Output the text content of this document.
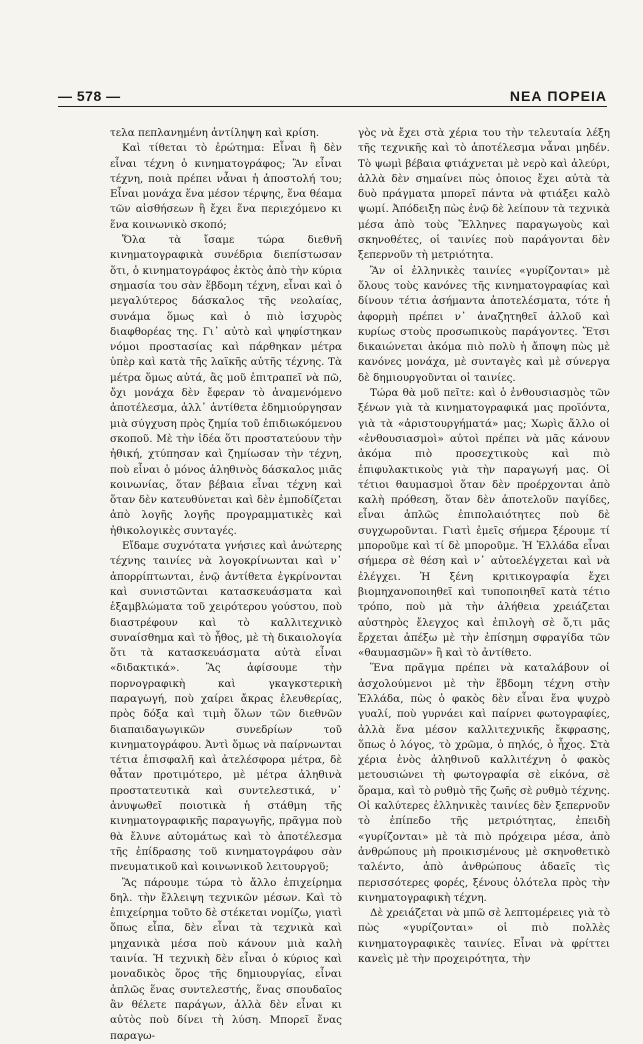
— 578 —	ΝΕΑ ΠΟΡΕΙΑ

τελα πεπλανημένη ἀντίληψη καὶ κρίση.

Καὶ τίθεται τὸ ἐρώτημα: Εἶναι ἢ δὲν εἶναι τέχνη ὁ κινηματογράφος; Ἂν εἶναι τέχνη, ποιὰ πρέπει νἆναι ἡ ἀποστολή του; Εἶναι μονάχα ἕνα μέσον τέρψης, ἕνα θέαμα τῶν αἰσθήσεων ἢ ἔχει ἕνα περιεχόμενο κι ἕνα κοινωνικὸ σκοπό;

Ὅλα τὰ ἴσαμε τώρα διεθνῆ κινηματογραφικὰ συνέδρια διεπίστωσαν ὅτι, ὁ κινηματογράφος ἐκτὸς ἀπὸ τὴν κύρια σημασία του σὰν ἕβδομη τέχνη, εἶναι καὶ ὁ μεγαλύτερος δάσκαλος τῆς νεολαίας, συνάμα ὅμως καὶ ὁ πιὸ ἰσχυρὸς διαφθορέας της. Γι᾿ αὐτὸ καὶ ψηφίστηκαν νόμοι προστασίας καὶ πάρθηκαν μέτρα ὑπὲρ καὶ κατὰ τῆς λαϊκῆς αὐτῆς τέχνης. Τὰ μέτρα ὅμως αὐτά, ἂς μοῦ ἐπιτραπεῖ νὰ πῶ, ὄχι μονάχα δὲν ἔφεραν τὸ ἀναμενόμενο ἀποτέλεσμα, ἀλλ᾿ ἀντίθετα ἐδημιούργησαν μιὰ σύγχυση πρὸς ζημία τοῦ ἐπιδιωκόμενου σκοποῦ. Μὲ τὴν ἰδέα ὅτι προστατεύουν τὴν ἠθική, χτύπησαν καὶ ζημίωσαν τὴν τέχνη, ποὺ εἶναι ὁ μόνος ἀληθινὸς δάσκαλος μιᾶς κοινωνίας, ὅταν βέβαια εἶναι τέχνη καὶ ὅταν δὲν κατευθύνεται καὶ δὲν ἐμποδίζεται ἀπὸ λογῆς λογῆς προγραμματικὲς καὶ ἠθικολογικὲς συνταγές.

Εἴδαμε συχνότατα γνήσιες καὶ ἀνώτερης τέχνης ταινίες νὰ λογοκρίνωνται καὶ ν᾿ ἀπορρίπτωνται, ἐνῷ ἀντίθετα ἐγκρίνονται καὶ συνιστῶνται κατασκευάσματα καὶ ἐξαμβλώματα τοῦ χειρότερου γούστου, ποὺ διαστρέφουν καὶ τὸ καλλιτεχνικὸ συναίσθημα καὶ τὸ ἦθος, μὲ τὴ δικαιολογία ὅτι τὰ κατασκευάσματα αὐτὰ εἶναι «διδακτικά». Ἂς ἀφίσουμε τὴν πορνογραφικὴ καὶ γκαγκστερικὴ παραγωγή, ποὺ χαίρει ἄκρας ἐλευθερίας, πρὸς δόξα καὶ τιμὴ ὅλων τῶν διεθνῶν διαπαιδαγωγικῶν συνεδρίων τοῦ κινηματογράφου. Ἀντὶ ὅμως νὰ παίρνωνται τέτια ἐπισφαλῆ καὶ ἀτελέσφορα μέτρα, δὲ θἆταν προτιμότερο, μὲ μέτρα ἀληθινὰ προστατευτικὰ καὶ συντελεστικά, ν᾿ ἀνυψωθεῖ ποιοτικὰ ἡ στάθμη τῆς κινηματογραφικῆς παραγωγῆς, πρᾶγμα ποὺ θὰ ἔλυνε αὐτομάτως καὶ τὸ ἀποτέλεσμα τῆς ἐπίδρασης τοῦ κινηματογράφου σὰν πνευματικοῦ καὶ κοινωνικοῦ λειτουργοῦ;

Ἂς πάρουμε τώρα τὸ ἄλλο ἐπιχείρημα δηλ. τὴν ἔλλειψη τεχνικῶν μέσων. Καὶ τὸ ἐπιχείρημα τοῦτο δὲ στέκεται νομίζω, γιατὶ ὅπως εἶπα, δὲν εἶναι τὰ τεχνικὰ καὶ μηχανικὰ μέσα ποὺ κάνουν μιὰ καλὴ ταινία. Ἡ τεχνικὴ δὲν εἶναι ὁ κύριος καὶ μοναδικὸς ὅρος τῆς δημιουργίας, εἶναι ἁπλῶς ἕνας συντελεστής, ἕνας σπουδαῖος ἂν θέλετε παράγων, ἀλλὰ δὲν εἶναι κι αὐτὸς ποὺ δίνει τὴ λύση. Μπορεῖ ἕνας παραγω-

γὸς νὰ ἔχει στὰ χέρια του τὴν τελευταία λέξη τῆς τεχνικῆς καὶ τὸ ἀποτέλεσμα νἆναι μηδέν. Τὸ ψωμὶ βέβαια φτιάχνεται μὲ νερὸ καὶ ἀλεύρι, ἀλλὰ δὲν σημαίνει πὼς ὁποιος ἔχει αὐτὰ τὰ δυὸ πράγματα μπορεῖ πάντα νὰ φτιάξει καλὸ ψωμί. Ἀπόδειξη πὼς ἐνῷ δὲ λείπουν τὰ τεχνικὰ μέσα ἀπὸ τοὺς Ἕλληνες παραγωγοὺς καὶ σκηνοθέτες, οἱ ταινίες ποὺ παράγονται δὲν ξεπερνοῦν τὴ μετριότητα.

Ἂν οἱ ἑλληνικὲς ταινίες «γυρίζονται» μὲ ὅλους τοὺς κανόνες τῆς κινηματογραφίας καὶ δίνουν τέτια ἀσήμαντα ἀποτελέσματα, τότε ἡ ἀφορμὴ πρέπει ν᾿ ἀναζητηθεῖ ἀλλοῦ καὶ κυρίως στοὺς προσωπικοὺς παράγοντες. Ἔτσι δικαιώνεται ἀκόμα πιὸ πολὺ ἡ ἄποψη πὼς μὲ κανόνες μονάχα, μὲ συνταγὲς καὶ μὲ σύνεργα δὲ δημιουργοῦνται οἱ ταινίες.

Τώρα θὰ μοῦ πεῖτε: καὶ ὁ ἐνθουσιασμὸς τῶν ξένων γιὰ τὰ κινηματογραφικά μας προϊόντα, γιὰ τὰ «ἀριστουργήματά» μας; Χωρὶς ἄλλο οἱ «ἐνθουσιασμοὶ» αὐτοὶ πρέπει νὰ μᾶς κάνουν ἀκόμα πιὸ προσεχτικοὺς καὶ πιὸ ἐπιφυλακτικοὺς γιὰ τὴν παραγωγή μας. Οἱ τέτιοι θαυμασμοὶ ὅταν δὲν προέρχονται ἀπὸ καλὴ πρόθεση, ὅταν δὲν ἀποτελοῦν παγίδες, εἶναι ἁπλῶς ἐπιπολαιότητες ποὺ δὲ συγχωροῦνται. Γιατὶ ἐμεῖς σήμερα ξέρουμε τί μποροῦμε καὶ τί δὲ μποροῦμε. Ἡ Ἑλλάδα εἶναι σήμερα σὲ θέση καὶ ν᾿ αὐτοελέγχεται καὶ νὰ ἐλέγχει. Ἡ ξένη κριτικογραφία ἔχει βιομηχανοποιηθεῖ καὶ τυποποιηθεῖ κατὰ τέτιο τρόπο, ποὺ μὰ τὴν ἀλήθεια χρειάζεται αὐστηρὸς ἔλεγχος καὶ ἐπιλογὴ σὲ ὅ,τι μᾶς ἔρχεται ἀπέξω μὲ τὴν ἐπίσημη σφραγίδα τῶν «θαυμασμῶν» ἢ καὶ τὸ ἀντίθετο.

Ἕνα πρᾶγμα πρέπει νὰ καταλάβουν οἱ ἀσχολούμενοι μὲ τὴν ἕβδομη τέχνη στὴν Ἑλλάδα, πὼς ὁ φακὸς δὲν εἶναι ἕνα ψυχρὸ γυαλί, ποὺ γυρνάει καὶ παίρνει φωτογραφίες, ἀλλὰ ἕνα μέσον καλλιτεχνικῆς ἔκφρασης, ὅπως ὁ λόγος, τὸ χρῶμα, ὁ πηλός, ὁ ἦχος. Στὰ χέρια ἑνὸς ἀληθινοῦ καλλιτέχνη ὁ φακὸς μετουσιώνει τὴ φωτογραφία σὲ εἰκόνα, σὲ ὅραμα, καὶ τὸ ρυθμὸ τῆς ζωῆς σὲ ρυθμὸ τέχνης. Οἱ καλύτερες ἑλληνικὲς ταινίες δὲν ξεπερνοῦν τὸ ἐπίπεδο τῆς μετριότητας, ἐπειδὴ «γυρίζονται» μὲ τὰ πιὸ πρόχειρα μέσα, ἀπὸ ἀνθρώπους μὴ προικισμένους μὲ σκηνοθετικὸ ταλέντο, ἀπὸ ἀνθρώπους ἀδαεῖς τὶς περισσότερες φορές, ξένους ὁλότελα πρὸς τὴν κινηματογραφικὴ τέχνη.

Δὲ χρειάζεται νὰ μπῶ σὲ λεπτομέρειες γιὰ τὸ πὼς «γυρίζονται» οἱ πιὸ πολλὲς κινηματογραφικὲς ταινίες. Εἶναι νὰ φρίττει κανεὶς μὲ τὴν προχειρότητα, τὴν
